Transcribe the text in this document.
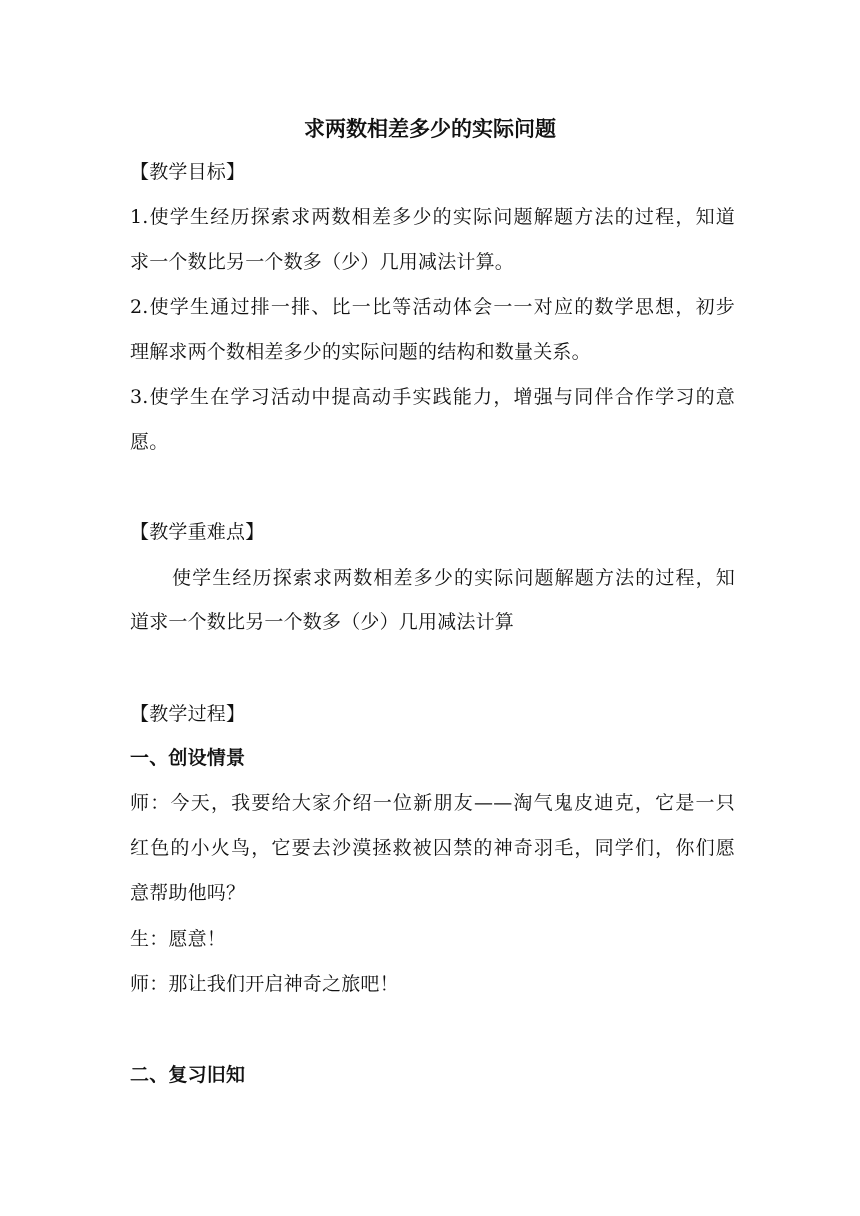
求两数相差多少的实际问题
【教学目标】
1.使学生经历探索求两数相差多少的实际问题解题方法的过程，知道
求一个数比另一个数多（少）几用减法计算。
2.使学生通过排一排、比一比等活动体会一一对应的数学思想，初步
理解求两个数相差多少的实际问题的结构和数量关系。
3.使学生在学习活动中提高动手实践能力，增强与同伴合作学习的意
愿。
【教学重难点】
使学生经历探索求两数相差多少的实际问题解题方法的过程，知
道求一个数比另一个数多（少）几用减法计算
【教学过程】
一、创设情景
师：今天，我要给大家介绍一位新朋友——淘气鬼皮迪克，它是一只
红色的小火鸟，它要去沙漠拯救被囚禁的神奇羽毛，同学们，你们愿
意帮助他吗？
生：愿意！
师：那让我们开启神奇之旅吧！
二、复习旧知
